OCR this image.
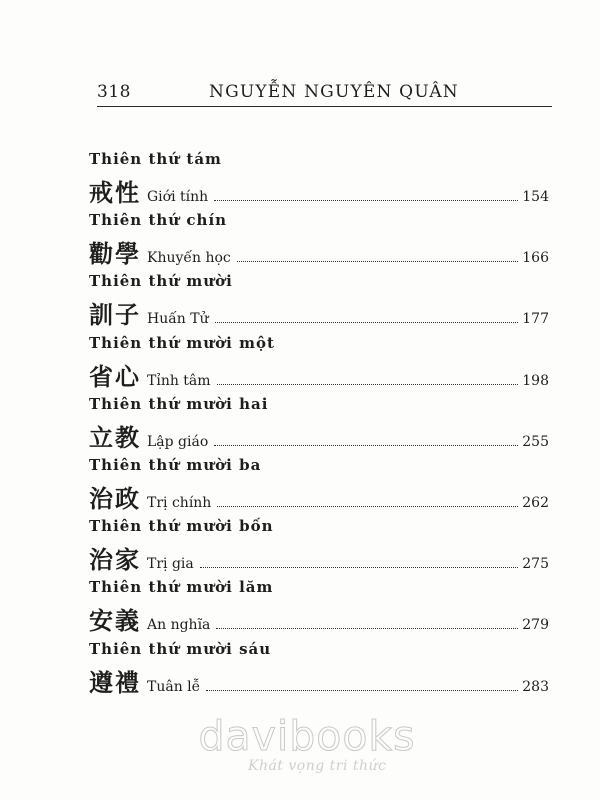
318	NGUYỄN NGUYÊN QUÂN
Thiên thứ tám
戒性 Giới tính	154
Thiên thứ chín
勸學 Khuyến học	166
Thiên thứ mười
訓子 Huấn Tử	177
Thiên thứ mười một
省心 Tỉnh tâm	198
Thiên thứ mười hai
立教 Lập giáo	255
Thiên thứ mười ba
治政 Trị chính	262
Thiên thứ mười bốn
治家 Trị gia	275
Thiên thứ mười lăm
安義 An nghĩa	279
Thiên thứ mười sáu
遵禮 Tuân lễ	283
davibooks
Khát vọng tri thức
